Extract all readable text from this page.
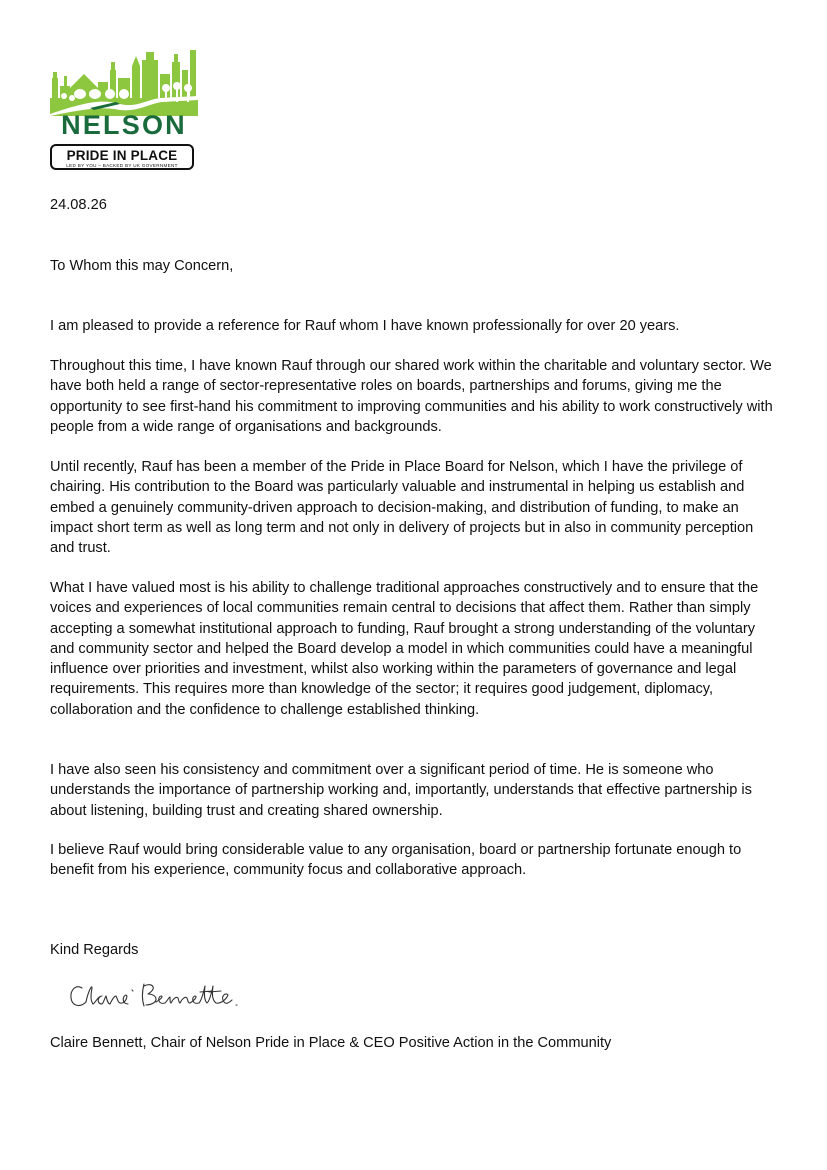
NELSON
PRIDE IN PLACE
LED BY YOU – BACKED BY UK GOVERNMENT

24.08.26

To Whom this may Concern,

I am pleased to provide a reference for Rauf whom I have known professionally for over 20 years.

Throughout this time, I have known Rauf through our shared work within the charitable and voluntary sector. We have both held a range of sector-representative roles on boards, partnerships and forums, giving me the opportunity to see first-hand his commitment to improving communities and his ability to work constructively with people from a wide range of organisations and backgrounds.

Until recently, Rauf has been a member of the Pride in Place Board for Nelson, which I have the privilege of chairing. His contribution to the Board was particularly valuable and instrumental in helping us establish and embed a genuinely community-driven approach to decision-making, and distribution of funding, to make an impact short term as well as long term and not only in delivery of projects but in also in community perception and trust.

What I have valued most is his ability to challenge traditional approaches constructively and to ensure that the voices and experiences of local communities remain central to decisions that affect them. Rather than simply accepting a somewhat institutional approach to funding, Rauf brought a strong understanding of the voluntary and community sector and helped the Board develop a model in which communities could have a meaningful influence over priorities and investment, whilst also working within the parameters of governance and legal requirements. This requires more than knowledge of the sector; it requires good judgement, diplomacy, collaboration and the confidence to challenge established thinking.

I have also seen his consistency and commitment over a significant period of time. He is someone who understands the importance of partnership working and, importantly, understands that effective partnership is about listening, building trust and creating shared ownership.

I believe Rauf would bring considerable value to any organisation, board or partnership fortunate enough to benefit from his experience, community focus and collaborative approach.

Kind Regards

Claire Bennett, Chair of Nelson Pride in Place & CEO Positive Action in the Community
